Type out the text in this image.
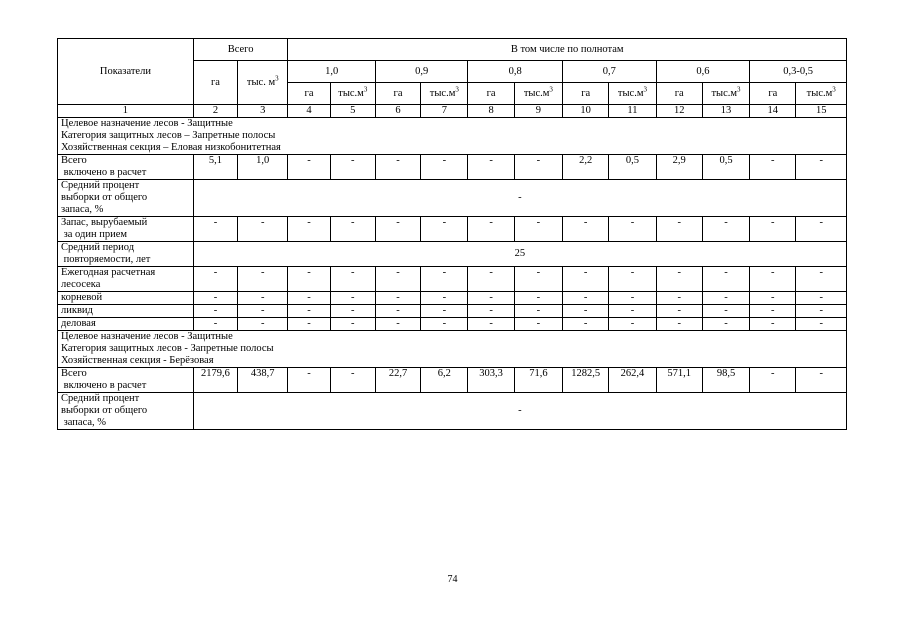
Показатели	Всего		В том числе по полнотам											
	га	тыс. $м^3$	1,0		0,9		0,8		0,7		0,6		0,3-0,5	
			га	$тыс.м^3$	га	$тыс.м^3$	га	$тыс.м^3$	га	$тыс.м^3$	га	$тыс.м^3$	га	$тыс.м^3$
1	2	3	4	5	6	7	8	9	10	11	12	13	14	15

Целевое назначение лесов - Защитные
Категория защитных лесов – Запретные полосы
Хозяйственная секция – Еловая низкобонитетная														

Всего
включено в расчет	5,1	1,0	-	-	-	-	-	-	2,2	0,5	2,9	0,5	-	-

Средний процент
выборки от общего
запаса, %	-													

Запас, вырубаемый
за один прием	-	-	-	-	-	-	-	-	-	-	-	-	-	-

Средний период
повторяемости, лет	25													

Ежегодная расчетная
лесосека	-	-	-	-	-	-	-	-	-	-	-	-	-	-

корневой	-	-	-	-	-	-	-	-	-	-	-	-	-	-

ликвид	-	-	-	-	-	-	-	-	-	-	-	-	-	-

деловая	-	-	-	-	-	-	-	-	-	-	-	-	-	-

Целевое назначение лесов - Защитные
Категория защитных лесов - Запретные полосы
Хозяйственная секция - Берёзовая														

Всего
включено в расчет	2179,6	438,7	-	-	22,7	6,2	303,3	71,6	1282,5	262,4	571,1	98,5	-	-

Средний процент
выборки от общего
запаса, %	-													
74
